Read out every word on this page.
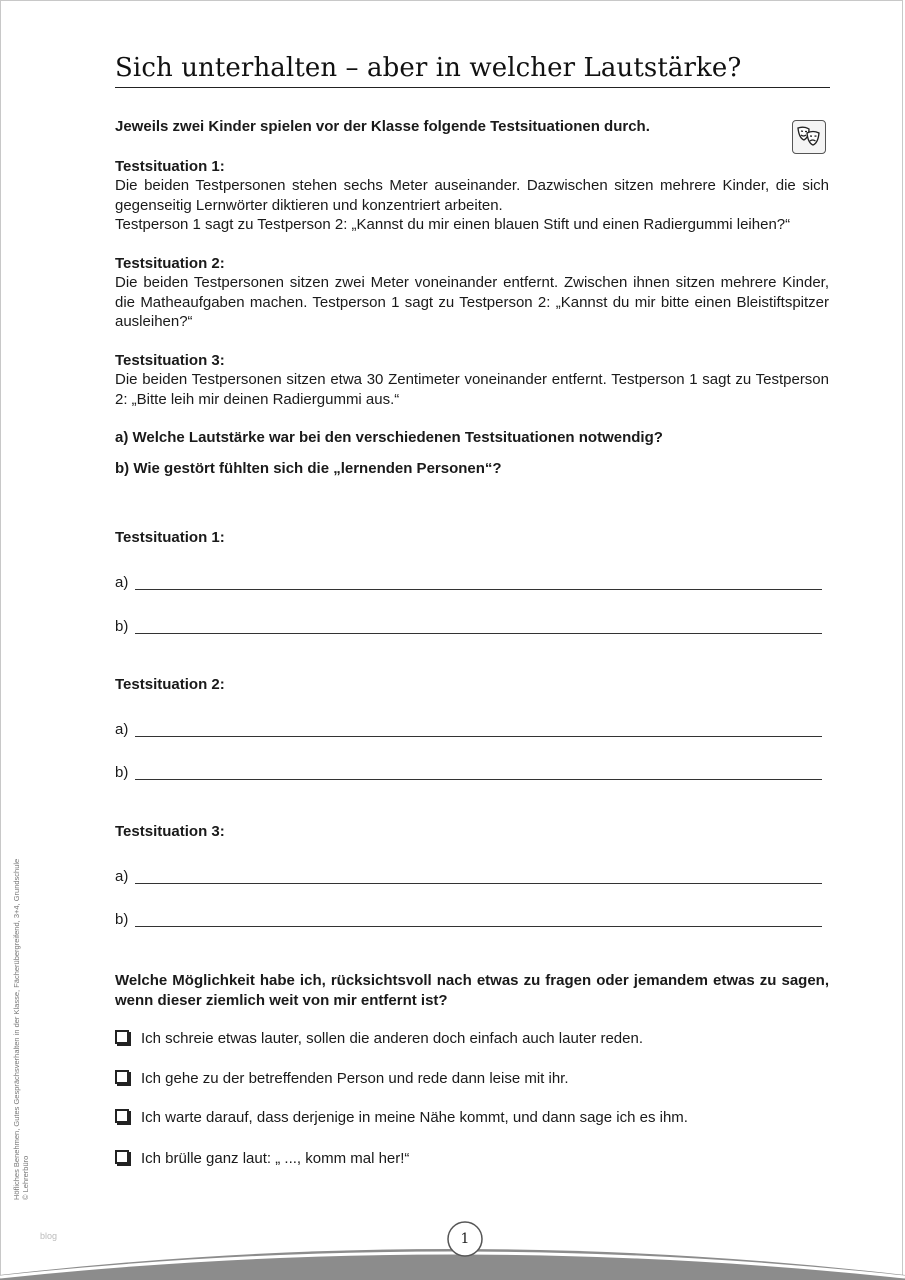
Sich unterhalten – aber in welcher Lautstärke?

Jeweils zwei Kinder spielen vor der Klasse folgende Testsituationen durch.

Testsituation 1:

Die beiden Testpersonen stehen sechs Meter auseinander. Dazwischen sitzen mehrere Kinder, die sich gegenseitig Lernwörter diktieren und konzentriert arbeiten.

Testperson 1 sagt zu Testperson 2: „Kannst du mir einen blauen Stift und einen Radiergummi leihen?“

Testsituation 2:

Die beiden Testpersonen sitzen zwei Meter voneinander entfernt. Zwischen ihnen sitzen mehrere Kinder, die Matheaufgaben machen. Testperson 1 sagt zu Testperson 2: „Kannst du mir bitte einen Bleistiftspitzer ausleihen?“

Testsituation 3:

Die beiden Testpersonen sitzen etwa 30 Zentimeter voneinander entfernt. Testperson 1 sagt zu Testperson 2: „Bitte leih mir deinen Radiergummi aus.“

a) Welche Lautstärke war bei den verschiedenen Testsituationen notwendig?

b) Wie gestört fühlten sich die „lernenden Personen“?

Testsituation 1:
a)
b)
Testsituation 2:
a)
b)
Testsituation 3:
a)
b)

Welche Möglichkeit habe ich, rücksichtsvoll nach etwas zu fragen oder jemandem etwas zu sagen, wenn dieser ziemlich weit von mir entfernt ist?

Ich schreie etwas lauter, sollen die anderen doch einfach auch lauter reden.
Ich gehe zu der betreffenden Person und rede dann leise mit ihr.
Ich warte darauf, dass derjenige in meine Nähe kommt, und dann sage ich es ihm.
Ich brülle ganz laut: „ ..., komm mal her!“
Höfliches Benehmen, Gutes Gesprächsverhalten in der Klasse, Fächerübergreifend, 3+4, Grundschule © Lehrerbüro
blog	1
